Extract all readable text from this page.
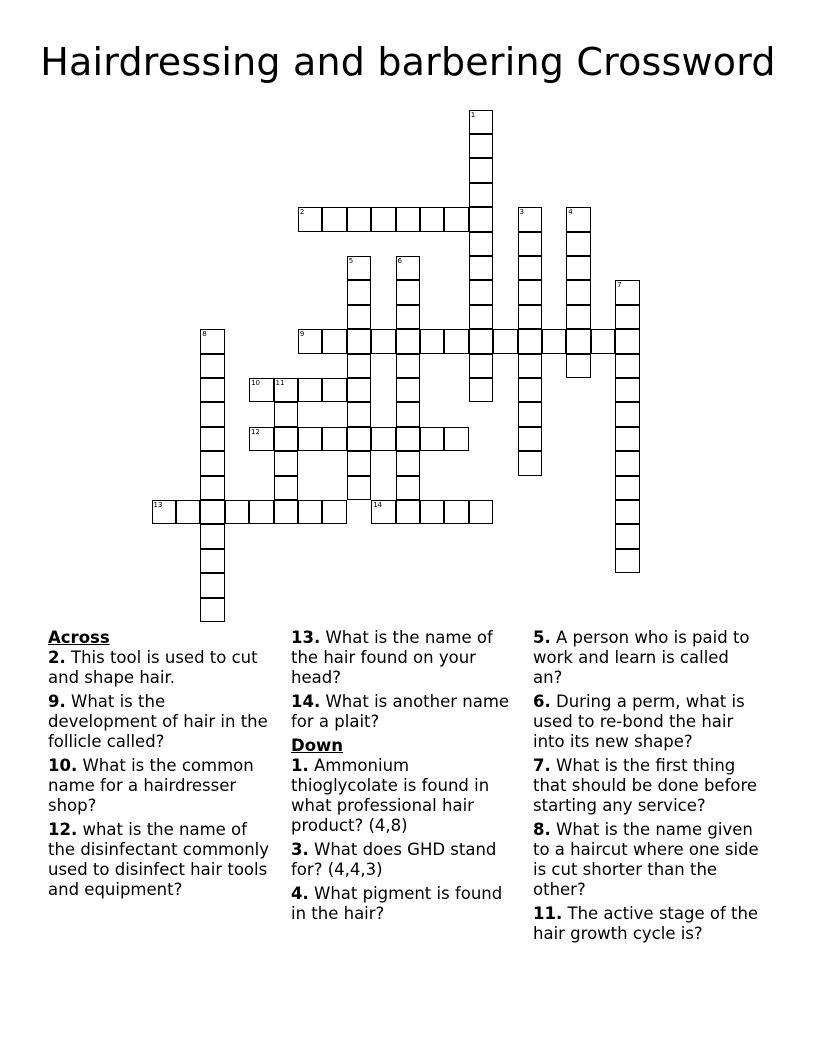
Hairdressing and barbering Crossword
1
2	3	4
5	6
7
8	9
10 11
12
13	14
Across
2. This tool is used to cut and shape hair.
9. What is the development of hair in the follicle called?
10. What is the common name for a hairdresser shop?
12. what is the name of the disinfectant commonly used to disinfect hair tools and equipment?
13. What is the name of the hair found on your head?
14. What is another name for a plait?
Down
1. Ammonium thioglycolate is found in what professional hair product? (4,8)
3. What does GHD stand for? (4,4,3)
4. What pigment is found in the hair?
5. A person who is paid to work and learn is called an?
6. During a perm, what is used to re-bond the hair into its new shape?
7. What is the first thing that should be done before starting any service?
8. What is the name given to a haircut where one side is cut shorter than the other?
11. The active stage of the hair growth cycle is?
